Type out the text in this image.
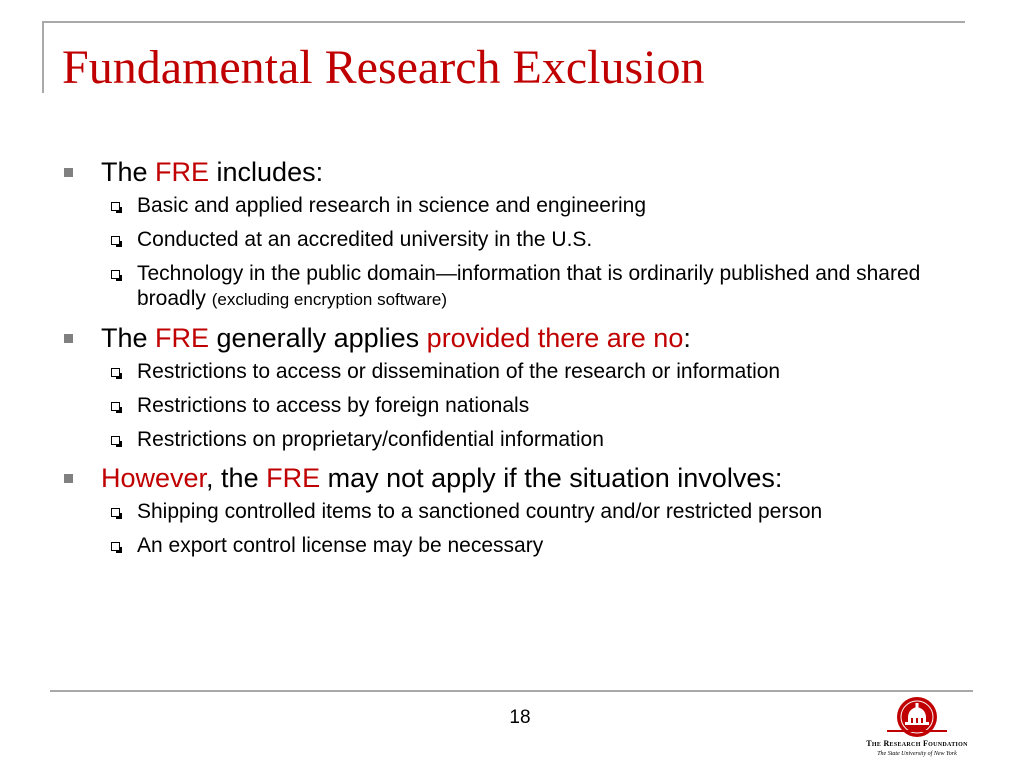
Fundamental Research Exclusion
The FRE includes:
Basic and applied research in science and engineering
Conducted at an accredited university in the U.S.
Technology in the public domain—information that is ordinarily published and shared broadly (excluding encryption software)
The FRE generally applies provided there are no:
Restrictions to access or dissemination of the research or information
Restrictions to access by foreign nationals
Restrictions on proprietary/confidential information
However, the FRE may not apply if the situation involves:
Shipping controlled items to a sanctioned country and/or restricted person
An export control license may be necessary
18
The Research Foundation
The State University of New York
